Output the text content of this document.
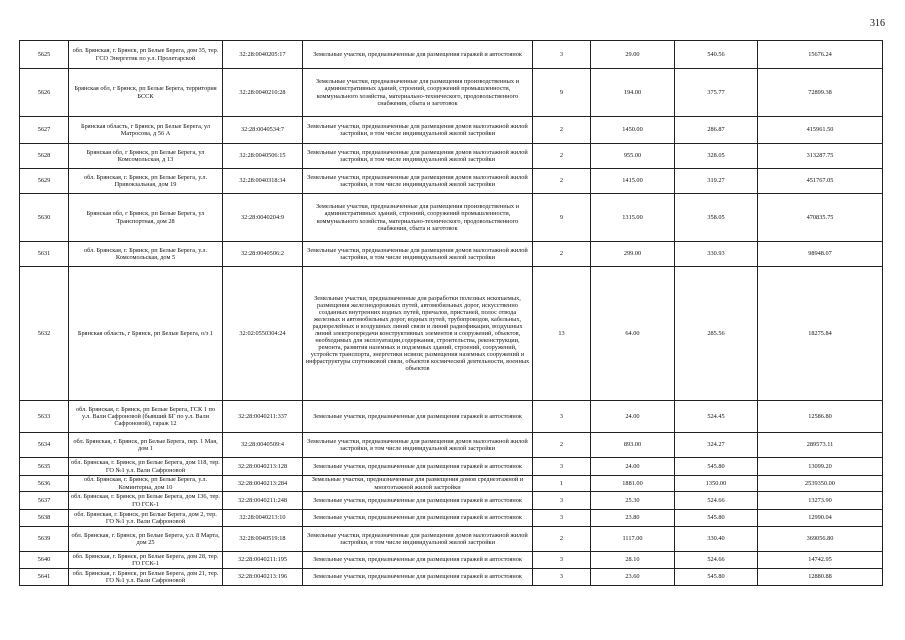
316
5625	обл. Брянская, г. Брянск, рп Белые Берега, дом 35, тер. ГСО Энергетик по у.л. Пролетарской	32:28:0040205:17	Земельные участки, предназначенные для размещения гаражей и автостоянок	3	29.00	540.56	15676.24
5626	Брянская обл, г Брянск, рп Белые Берега, территория БССК	32:28:0040210:28	Земельные участки, предназначенные для размещения производственных и административных зданий, строений, сооружений промышленности, коммунального хозяйства, материально-технического, продовольственного снабжения, сбыта и заготовок	9	194.00	375.77	72899.38
5627	Брянская область, г Брянск, рп Белые Берега, ул Матросова, д 56 А	32:28:0040534:7	Земельные участки, предназначенные для размещения домов малоэтажной жилой застройки, в том числе индивидуальной жилой застройки	2	1450.00	286.87	415961.50
5628	Брянская обл, г Брянск, рп Белые Берега, ул Комсомольская, д 13	32:28:0040506:15	Земельные участки, предназначенные для размещения домов малоэтажной жилой застройки, в том числе индивидуальной жилой застройки	2	955.00	328.05	313287.75
5629	обл. Брянская, г. Брянск, рп Белые Берега, у.л. Привокзальная, дом 19	32:28:0040318:34	Земельные участки, предназначенные для размещения домов малоэтажной жилой застройки, в том числе индивидуальной жилой застройки	2	1415.00	319.27	451767.05
5630	Брянская обл, г Брянск, рп Белые Берега, ул Транспортная, дом 28	32:28:0040204:9	Земельные участки, предназначенные для размещения производственных и административных зданий, строений, сооружений промышленности, коммунального хозяйства, материально-технического, продовольственного снабжения, сбыта и заготовок	9	1315.00	358.05	470835.75
5631	обл. Брянская, г. Брянск, рп Белые Берега, у.л. Комсомольская, дом 5	32:28:0040506:2	Земельные участки, предназначенные для размещения домов малоэтажной жилой застройки, в том числе индивидуальной жилой застройки	2	299.00	330.93	98948.07
5632	Брянская область, г Брянск, рп Белые Берега, о/з 1	32:02:0550304:24	Земельные участки, предназначенные для разработки полезных ископаемых, размещения железнодорожных путей, автомобильных дорог, искусственно созданных внутренних водных путей, причалов, пристаней, полос отвода железных и автомобильных дорог, водных путей, трубопроводов, кабельных, радиорелейных и воздушных линий связи и линий радиофикации, воздушных линий электропередачи конструктивных элементов и сооружений, объектов, необходимых для эксплуатации,содержания, строительства, реконструкции, ремонта, развития наземных и подземных зданий, строений, сооружений, устройств транспорта, энергетики исвязи; размещения наземных сооружений и инфраструктуры спутниковой связи, объектов космической деятельности, военных объектов	13	64.00	285.56	18275.84
5633	обл. Брянская, г. Брянск, рп Белые Берега, ГСК 1 по у.л. Вали Сафроновой (бывший БГ по у.л. Вали Сафроновой), гараж 12	32:28:0040211:337	Земельные участки, предназначенные для размещения гаражей и автостоянок	3	24.00	524.45	12586.80
5634	обл. Брянская, г. Брянск, рп Белые Берега, пер. 1 Мая, дом 1	32:28:0040509:4	Земельные участки, предназначенные для размещения домов малоэтажной жилой застройки, в том числе индивидуальной жилой застройки	2	893.00	324.27	289573.11
5635	обл. Брянская, г. Брянск, рп Белые Берега, дом 118, тер. ГО №1 у.л. Вали Сафроновой	32:28:0040213:128	Земельные участки, предназначенные для размещения гаражей и автостоянок	3	24.00	545.80	13099.20
5636	обл. Брянская, г. Брянск, рп Белые Берега, у.л. Коминтерна, дом 10	32:28:0040213:284	Земельные участки, предназначенные для размещения домов среднеэтажной и многоэтажной жилой застройки	1	1881.00	1350.00	2539350.00
5637	обл. Брянская, г. Брянск, рп Белые Берега, дом 136, тер. ГО ГСК-1	32:28:0040211:248	Земельные участки, предназначенные для размещения гаражей и автостоянок	3	25.30	524.66	13273.90
5638	обл. Брянская, г. Брянск, рп Белые Берега, дом 2, тер. ГО №1 у.л. Вали Сафроновой	32:28:0040213:10	Земельные участки, предназначенные для размещения гаражей и автостоянок	3	23.80	545.80	12990.04
5639	обл. Брянская, г. Брянск, рп Белые Берега, у.л. 8 Марта, дом 25	32:28:0040519:18	Земельные участки, предназначенные для размещения домов малоэтажной жилой застройки, в том числе индивидуальной жилой застройки	2	1117.00	330.40	369056.80
5640	обл. Брянская, г. Брянск, рп Белые Берега, дом 28, тер. ГО ГСК-1	32:28:0040211:195	Земельные участки, предназначенные для размещения гаражей и автостоянок	3	28.10	524.66	14742.95
5641	обл. Брянская, г. Брянск, рп Белые Берега, дом 21, тер. ГО №1 у.л. Вали Сафроновой	32:28:0040213:196	Земельные участки, предназначенные для размещения гаражей и автостоянок	3	23.60	545.80	12880.88
